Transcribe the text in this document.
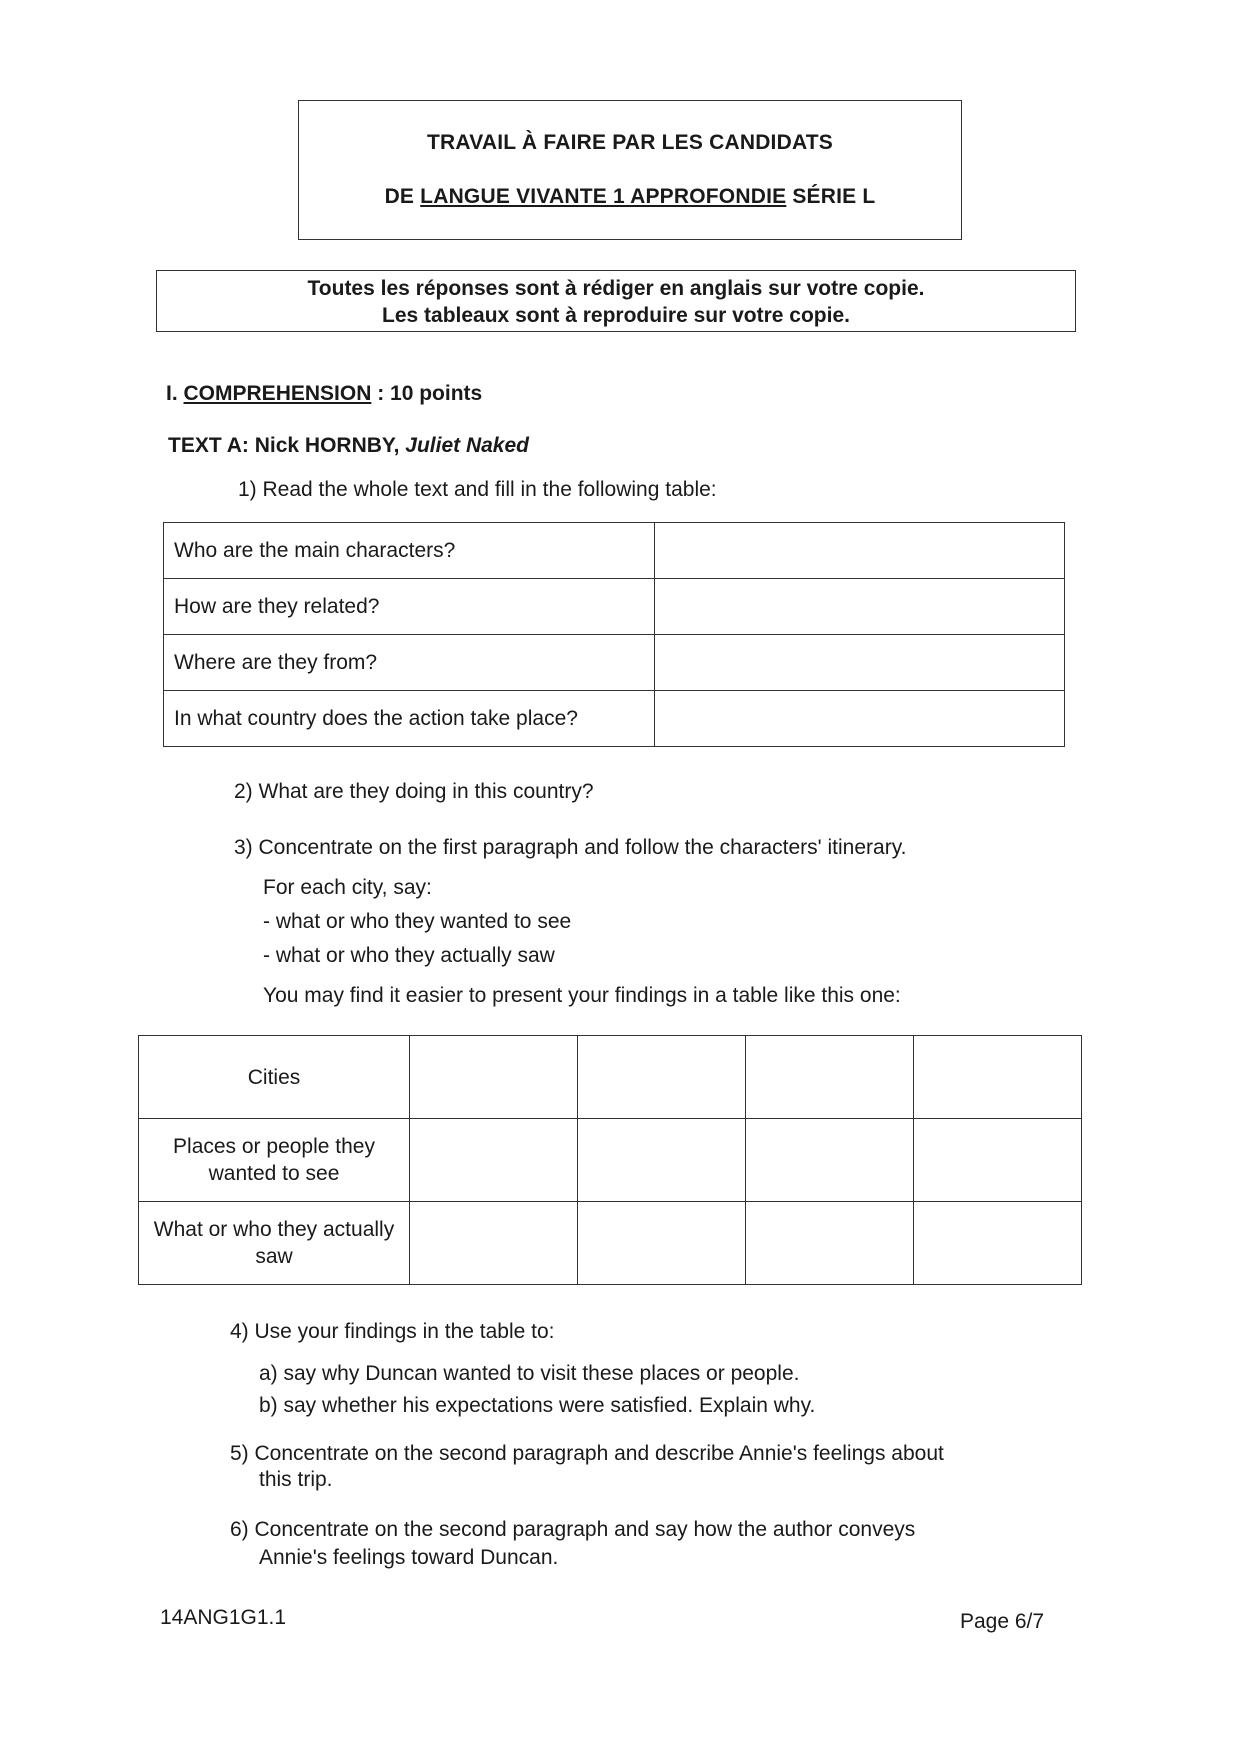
TRAVAIL À FAIRE PAR LES CANDIDATS
DE LANGUE VIVANTE 1 APPROFONDIE SÉRIE L
Toutes les réponses sont à rédiger en anglais sur votre copie.
Les tableaux sont à reproduire sur votre copie.
I. COMPREHENSION : 10 points
TEXT A: Nick HORNBY, Juliet Naked
1) Read the whole text and fill in the following table:
Who are the main characters?	
How are they related?	
Where are they from?	
In what country does the action take place?	
2) What are they doing in this country?
3) Concentrate on the first paragraph and follow the characters' itinerary.
For each city, say:
- what or who they wanted to see
- what or who they actually saw
You may find it easier to present your findings in a table like this one:
Cities				
Places or people they wanted to see				
What or who they actually saw				
4) Use your findings in the table to:
a) say why Duncan wanted to visit these places or people.
b) say whether his expectations were satisfied. Explain why.
5) Concentrate on the second paragraph and describe Annie's feelings about
this trip.
6) Concentrate on the second paragraph and say how the author conveys
Annie's feelings toward Duncan.
14ANG1G1.1	Page 6/7
